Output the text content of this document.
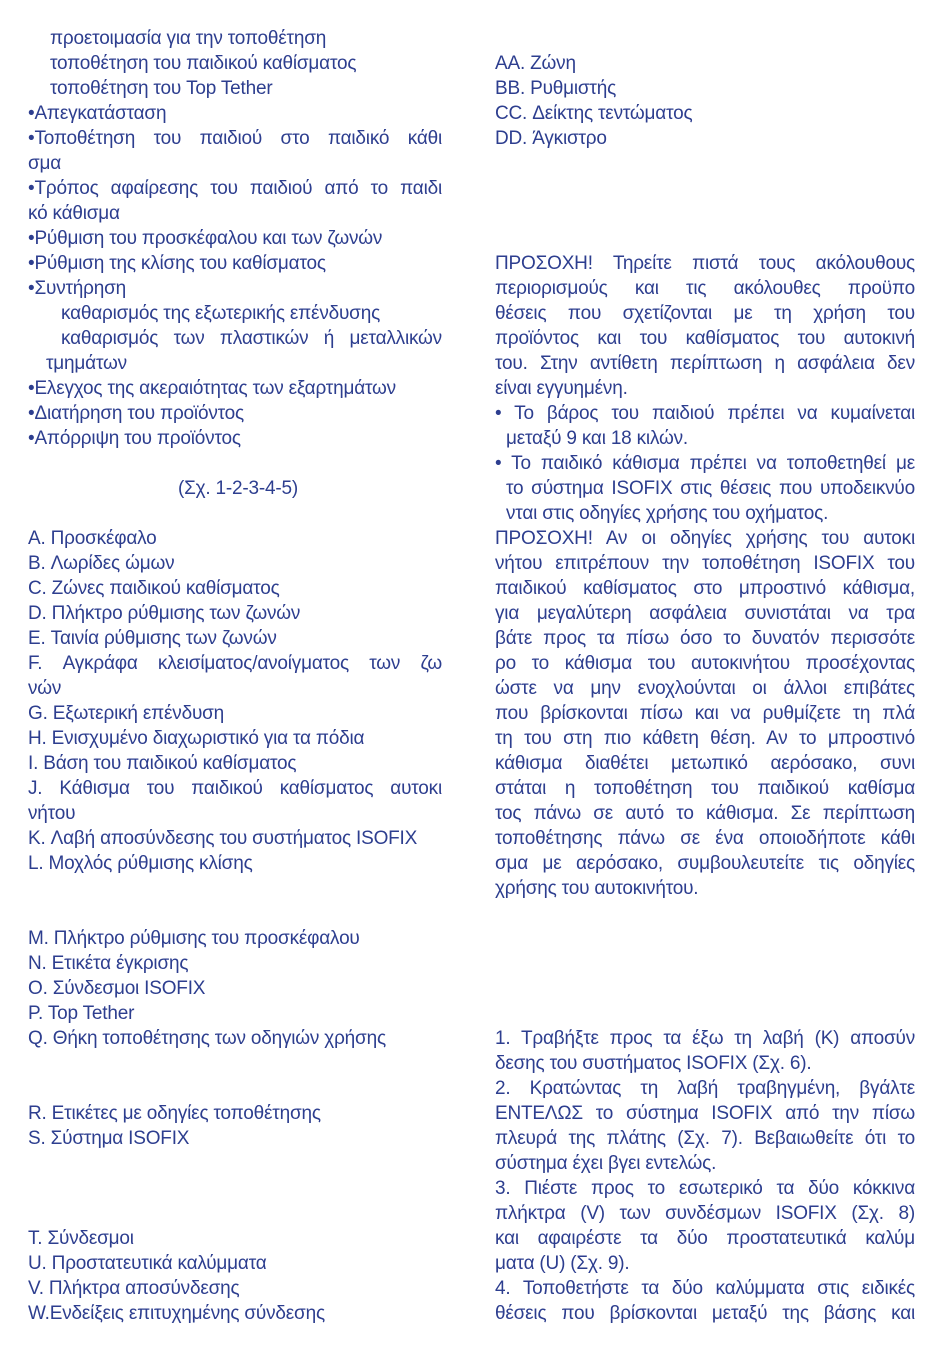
προετοιμασία για την τοποθέτηση
τοποθέτηση του παιδικού καθίσματος
τοποθέτηση του Top Tether
•Απεγκατάσταση
•Τοποθέτηση του παιδιού στο παιδικό κάθι
σμα
•Τρόπος αφαίρεσης του παιδιού από το παιδι
κό κάθισμα
•Ρύθμιση του προσκέφαλου και των ζωνών
•Ρύθμιση της κλίσης του καθίσματος
•Συντήρηση
καθαρισμός της εξωτερικής επένδυσης
καθαρισμός των πλαστικών ή μεταλλικών
τμημάτων
•Ελεγχος της ακεραιότητας των εξαρτημάτων
•Διατήρηση του προϊόντος
•Απόρριψη του προϊόντος
(Σχ. 1-2-3-4-5)
A. Προσκέφαλο
B. Λωρίδες ώμων
C. Ζώνες παιδικού καθίσματος
D. Πλήκτρο ρύθμισης των ζωνών
E. Ταινία ρύθμισης των ζωνών
F. Αγκράφα κλεισίματος/ανοίγματος των ζω
νών
G. Εξωτερική επένδυση
H. Ενισχυμένο διαχωριστικό για τα πόδια
I. Βάση του παιδικού καθίσματος
J. Κάθισμα του παιδικού καθίσματος αυτοκι
νήτου
K. Λαβή αποσύνδεσης του συστήματος ISOFIX
L. Μοχλός ρύθμισης κλίσης
M. Πλήκτρο ρύθμισης του προσκέφαλου
N. Ετικέτα έγκρισης
O. Σύνδεσμοι ISOFIX
P. Top Tether
Q. Θήκη τοποθέτησης των οδηγιών χρήσης
R. Ετικέτες με οδηγίες τοποθέτησης
S. Σύστημα ISOFIX
T. Σύνδεσμοι
U. Προστατευτικά καλύμματα
V. Πλήκτρα αποσύνδεσης
W.Ενδείξεις επιτυχημένης σύνδεσης
AA. Ζώνη
BB. Ρυθμιστής
CC. Δείκτης τεντώματος
DD. Άγκιστρο
ΠΡΟΣΟΧΗ! Τηρείτε πιστά τους ακόλουθους
περιορισμούς και τις ακόλουθες προϋπο
θέσεις που σχετίζονται με τη χρήση του
προϊόντος και του καθίσματος του αυτοκινή
του. Στην αντίθετη περίπτωση η ασφάλεια δεν
είναι εγγυημένη.
• Το βάρος του παιδιού πρέπει να κυμαίνεται
μεταξύ 9 και 18 κιλών.
• Το παιδικό κάθισμα πρέπει να τοποθετηθεί με
το σύστημα ISOFIX στις θέσεις που υποδεικνύο
νται στις οδηγίες χρήσης του οχήματος.
ΠΡΟΣΟΧΗ! Αν οι οδηγίες χρήσης του αυτοκι
νήτου επιτρέπουν την τοποθέτηση ISOFIX του
παιδικού καθίσματος στο μπροστινό κάθισμα,
για μεγαλύτερη ασφάλεια συνιστάται να τρα
βάτε προς τα πίσω όσο το δυνατόν περισσότε
ρο το κάθισμα του αυτοκινήτου προσέχοντας
ώστε να μην ενοχλούνται οι άλλοι επιβάτες
που βρίσκονται πίσω και να ρυθμίζετε τη πλά
τη του στη πιο κάθετη θέση. Αν το μπροστινό
κάθισμα διαθέτει μετωπικό αερόσακο, συνι
στάται η τοποθέτηση του παιδικού καθίσμα
τος πάνω σε αυτό το κάθισμα. Σε περίπτωση
τοποθέτησης πάνω σε ένα οποιοδήποτε κάθι
σμα με αερόσακο, συμβουλευτείτε τις οδηγίες
χρήσης του αυτοκινήτου.
1. Τραβήξτε προς τα έξω τη λαβή (K) αποσύν
δεσης του συστήματος ISOFIX (Σχ. 6).
2. Κρατώντας τη λαβή τραβηγμένη, βγάλτε
ΕΝΤΕΛΩΣ το σύστημα ISOFIX από την πίσω
πλευρά της πλάτης (Σχ. 7). Βεβαιωθείτε ότι το
σύστημα έχει βγει εντελώς.
3. Πιέστε προς το εσωτερικό τα δύο κόκκινα
πλήκτρα (V) των συνδέσμων ISOFIX (Σχ. 8)
και αφαιρέστε τα δύο προστατευτικά καλύμ
ματα (U) (Σχ. 9).
4. Τοποθετήστε τα δύο καλύμματα στις ειδικές
θέσεις που βρίσκονται μεταξύ της βάσης και
